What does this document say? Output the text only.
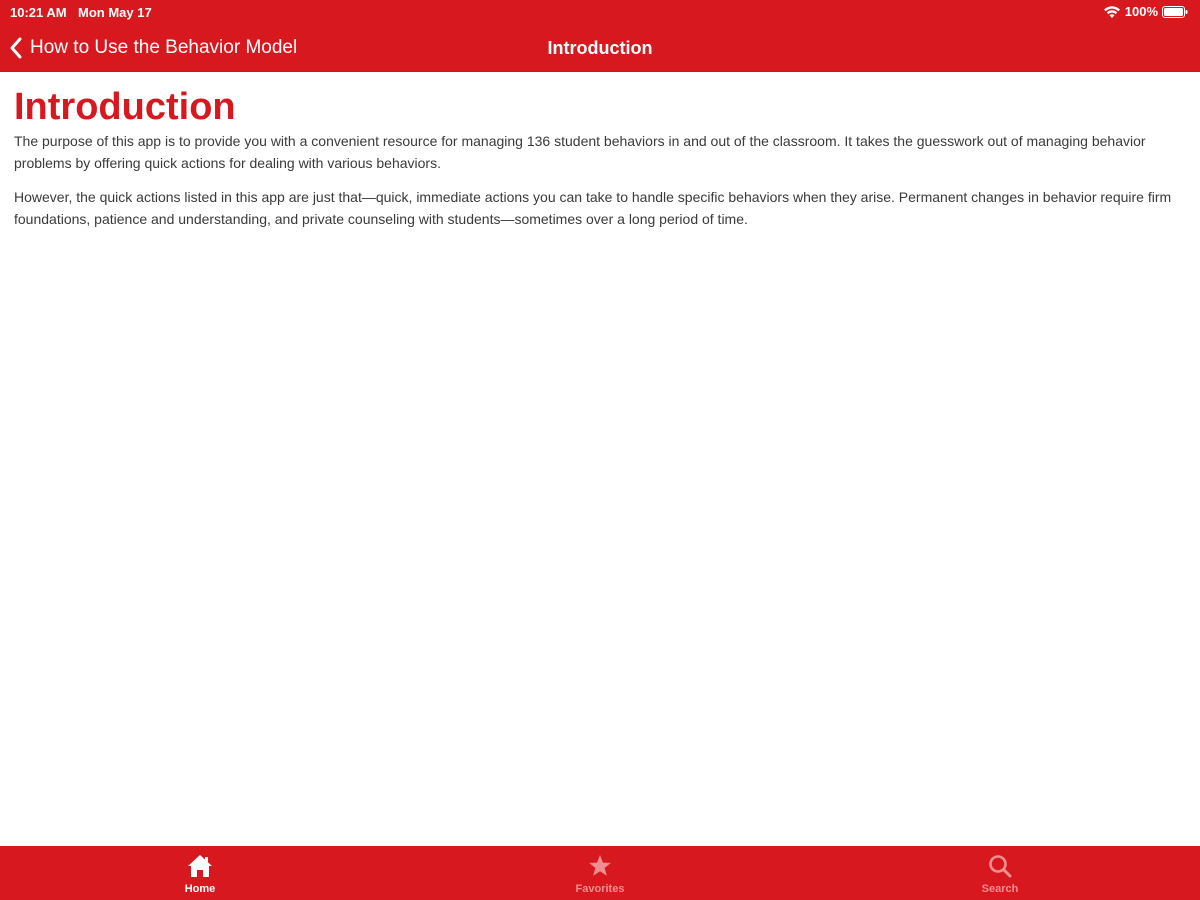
10:21 AM Mon May 17	100%
How to Use the Behavior Model	Introduction
Introduction

The purpose of this app is to provide you with a convenient resource for managing 136 student behaviors in and out of the classroom. It takes the guesswork out of managing behavior problems by offering quick actions for dealing with various behaviors.

However, the quick actions listed in this app are just that—quick, immediate actions you can take to handle specific behaviors when they arise. Permanent changes in behavior require firm foundations, patience and understanding, and private counseling with students—sometimes over a long period of time.

Home	Favorites	Search
